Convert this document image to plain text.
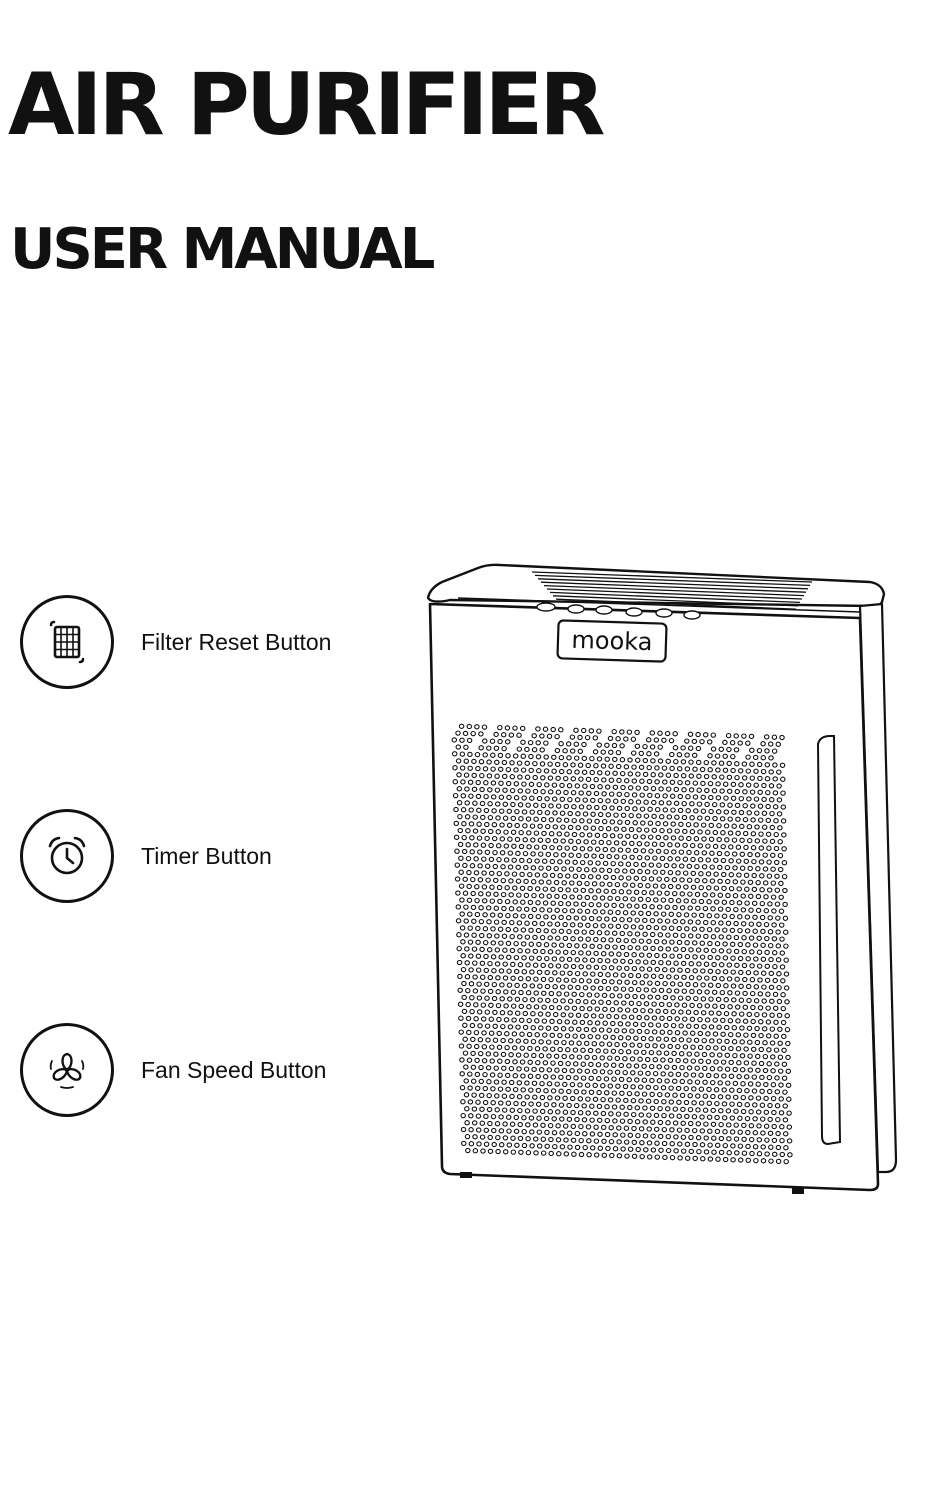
AIR PURIFIER
USER MANUAL
Filter Reset Button
Timer Button
Fan Speed Button
mooka
